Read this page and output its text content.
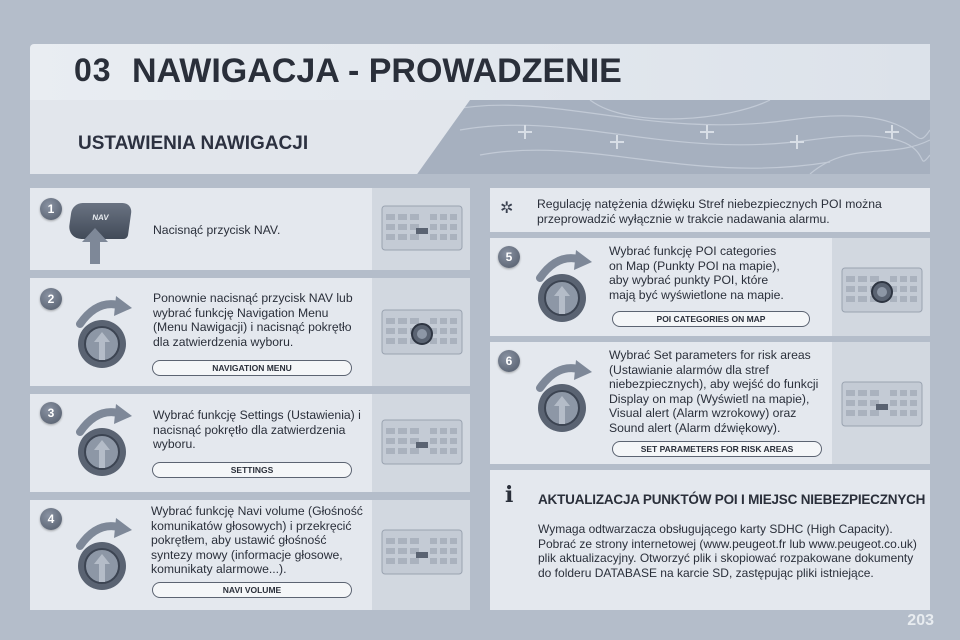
03 NAWIGACJA - PROWADZENIE
USTAWIENIA NAWIGACJI
1
NAV
Nacisnąć przycisk NAV.
2	Ponownie nacisnąć przycisk NAV lub wybrać funkcję Navigation Menu (Menu Nawigacji) i nacisnąć pokrętło dla zatwierdzenia wyboru.
NAVIGATION MENU
3	Wybrać funkcję Settings (Ustawienia) i nacisnąć pokrętło dla zatwierdzenia wyboru.
SETTINGS
4
Wybrać funkcję Navi volume (Głośność komunikatów głosowych) i przekręcić pokrętłem, aby ustawić głośność syntezy mowy (informacje głosowe, komunikaty alarmowe...).
NAVI VOLUME
✲ Regulację natężenia dźwięku Stref niebezpiecznych POI można przeprowadzić wyłącznie w trakcie nadawania alarmu.
5	Wybrać funkcję POI categories on Map (Punkty POI na mapie), aby wybrać punkty POI, które mają być wyświetlone na mapie.
POI CATEGORIES ON MAP
6	Wybrać Set parameters for risk areas (Ustawianie alarmów dla stref niebezpiecznych), aby wejść do funkcji Display on map (Wyświetl na mapie), Visual alert (Alarm wzrokowy) oraz Sound alert (Alarm dźwiękowy).
SET PARAMETERS FOR RISK AREAS
i AKTUALIZACJA PUNKTÓW POI I MIEJSC NIEBEZPIECZNYCH
Wymaga odtwarzacza obsługującego karty SDHC (High Capacity). Pobrać ze strony internetowej (www.peugeot.fr lub www.peugeot.co.uk) plik aktualizacyjny. Otworzyć plik i skopiować rozpakowane dokumenty do folderu DATABASE na karcie SD, zastępując pliki istniejące.
203
